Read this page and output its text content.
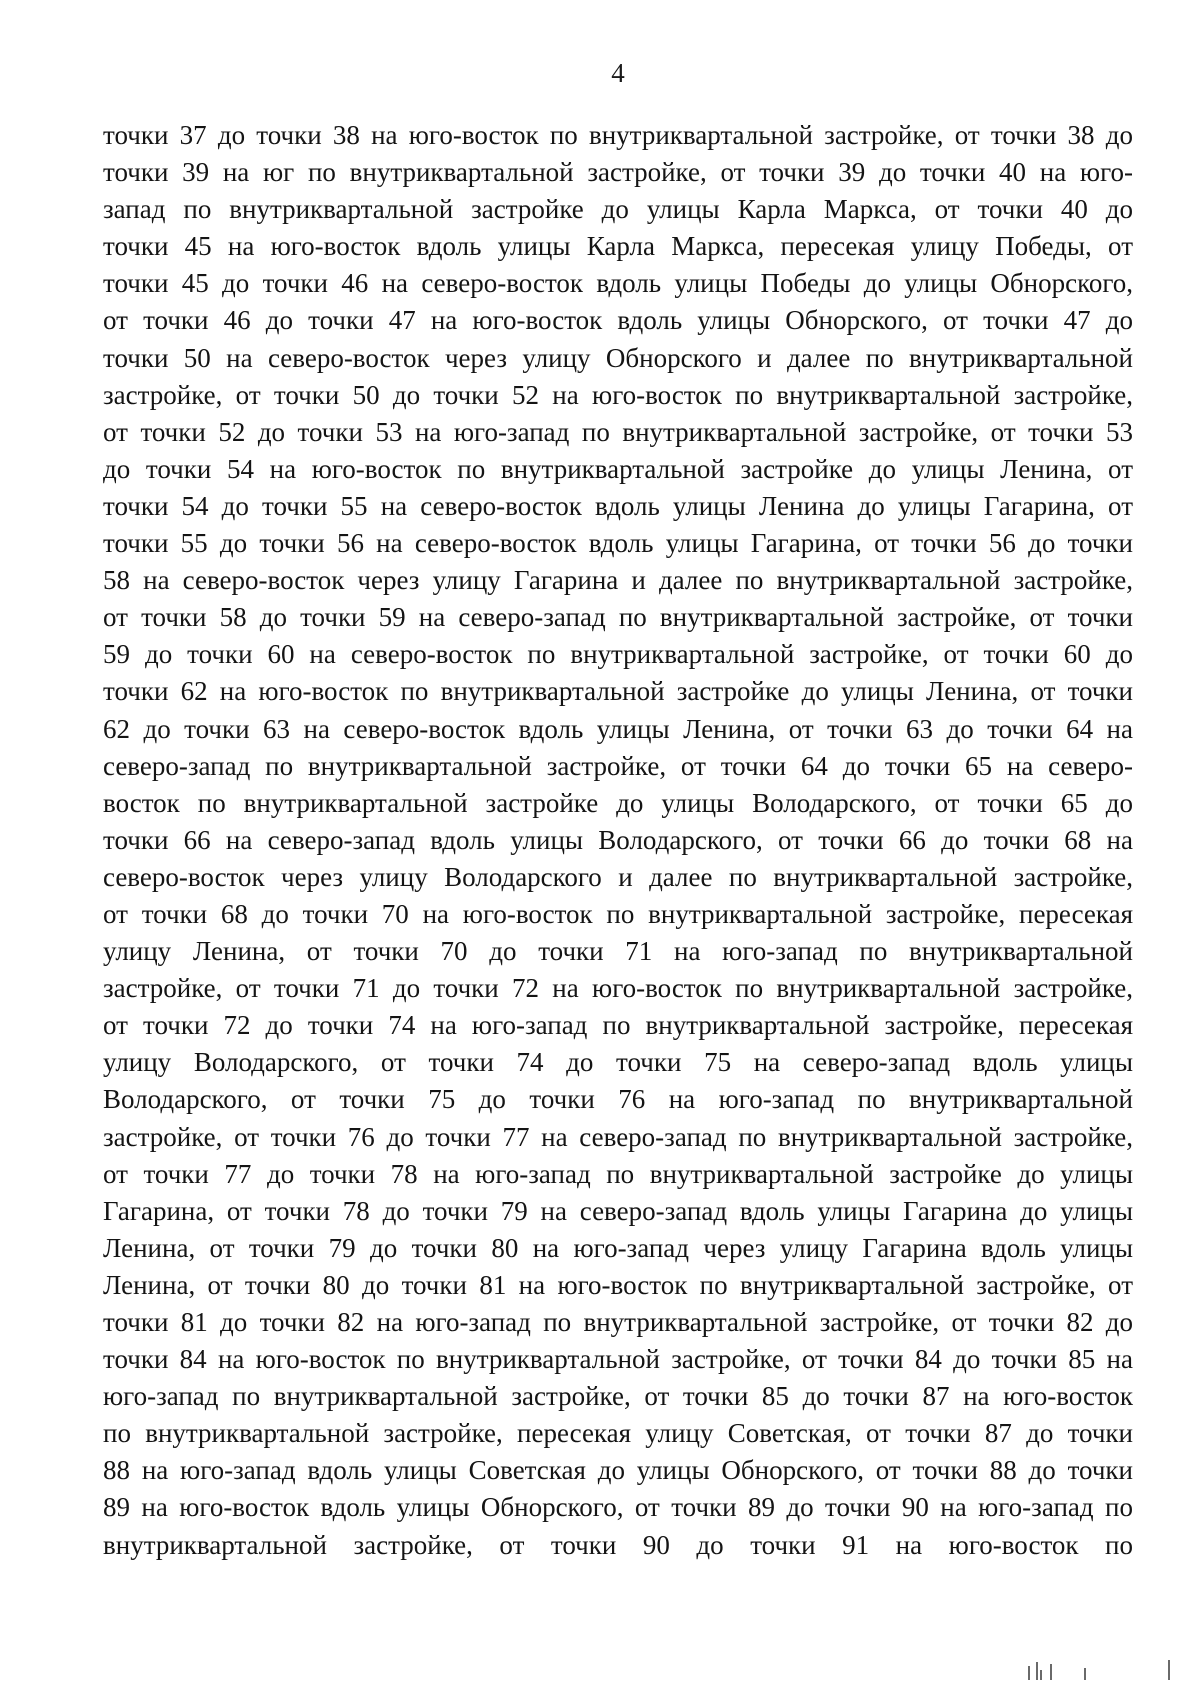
4
точки 37 до точки 38 на юго-восток по внутриквартальной застройке, от точки 38 до
точки 39 на юг по внутриквартальной застройке, от точки 39 до точки 40 на юго-
запад по внутриквартальной застройке до улицы Карла Маркса, от точки 40 до
точки 45 на юго-восток вдоль улицы Карла Маркса, пересекая улицу Победы, от
точки 45 до точки 46 на северо-восток вдоль улицы Победы до улицы Обнорского,
от точки 46 до точки 47 на юго-восток вдоль улицы Обнорского, от точки 47 до
точки 50 на северо-восток через улицу Обнорского и далее по внутриквартальной
застройке, от точки 50 до точки 52 на юго-восток по внутриквартальной застройке,
от точки 52 до точки 53 на юго-запад по внутриквартальной застройке, от точки 53
до точки 54 на юго-восток по внутриквартальной застройке до улицы Ленина, от
точки 54 до точки 55 на северо-восток вдоль улицы Ленина до улицы Гагарина, от
точки 55 до точки 56 на северо-восток вдоль улицы Гагарина, от точки 56 до точки
58 на северо-восток через улицу Гагарина и далее по внутриквартальной застройке,
от точки 58 до точки 59 на северо-запад по внутриквартальной застройке, от точки
59 до точки 60 на северо-восток по внутриквартальной застройке, от точки 60 до
точки 62 на юго-восток по внутриквартальной застройке до улицы Ленина, от точки
62 до точки 63 на северо-восток вдоль улицы Ленина, от точки 63 до точки 64 на
северо-запад по внутриквартальной застройке, от точки 64 до точки 65 на северо-
восток по внутриквартальной застройке до улицы Володарского, от точки 65 до
точки 66 на северо-запад вдоль улицы Володарского, от точки 66 до точки 68 на
северо-восток через улицу Володарского и далее по внутриквартальной застройке,
от точки 68 до точки 70 на юго-восток по внутриквартальной застройке, пересекая
улицу Ленина, от точки 70 до точки 71 на юго-запад по внутриквартальной
застройке, от точки 71 до точки 72 на юго-восток по внутриквартальной застройке,
от точки 72 до точки 74 на юго-запад по внутриквартальной застройке, пересекая
улицу Володарского, от точки 74 до точки 75 на северо-запад вдоль улицы
Володарского, от точки 75 до точки 76 на юго-запад по внутриквартальной
застройке, от точки 76 до точки 77 на северо-запад по внутриквартальной застройке,
от точки 77 до точки 78 на юго-запад по внутриквартальной застройке до улицы
Гагарина, от точки 78 до точки 79 на северо-запад вдоль улицы Гагарина до улицы
Ленина, от точки 79 до точки 80 на юго-запад через улицу Гагарина вдоль улицы
Ленина, от точки 80 до точки 81 на юго-восток по внутриквартальной застройке, от
точки 81 до точки 82 на юго-запад по внутриквартальной застройке, от точки 82 до
точки 84 на юго-восток по внутриквартальной застройке, от точки 84 до точки 85 на
юго-запад по внутриквартальной застройке, от точки 85 до точки 87 на юго-восток
по внутриквартальной застройке, пересекая улицу Советская, от точки 87 до точки
88 на юго-запад вдоль улицы Советская до улицы Обнорского, от точки 88 до точки
89 на юго-восток вдоль улицы Обнорского, от точки 89 до точки 90 на юго-запад по
внутриквартальной застройке, от точки 90 до точки 91 на юго-восток по
